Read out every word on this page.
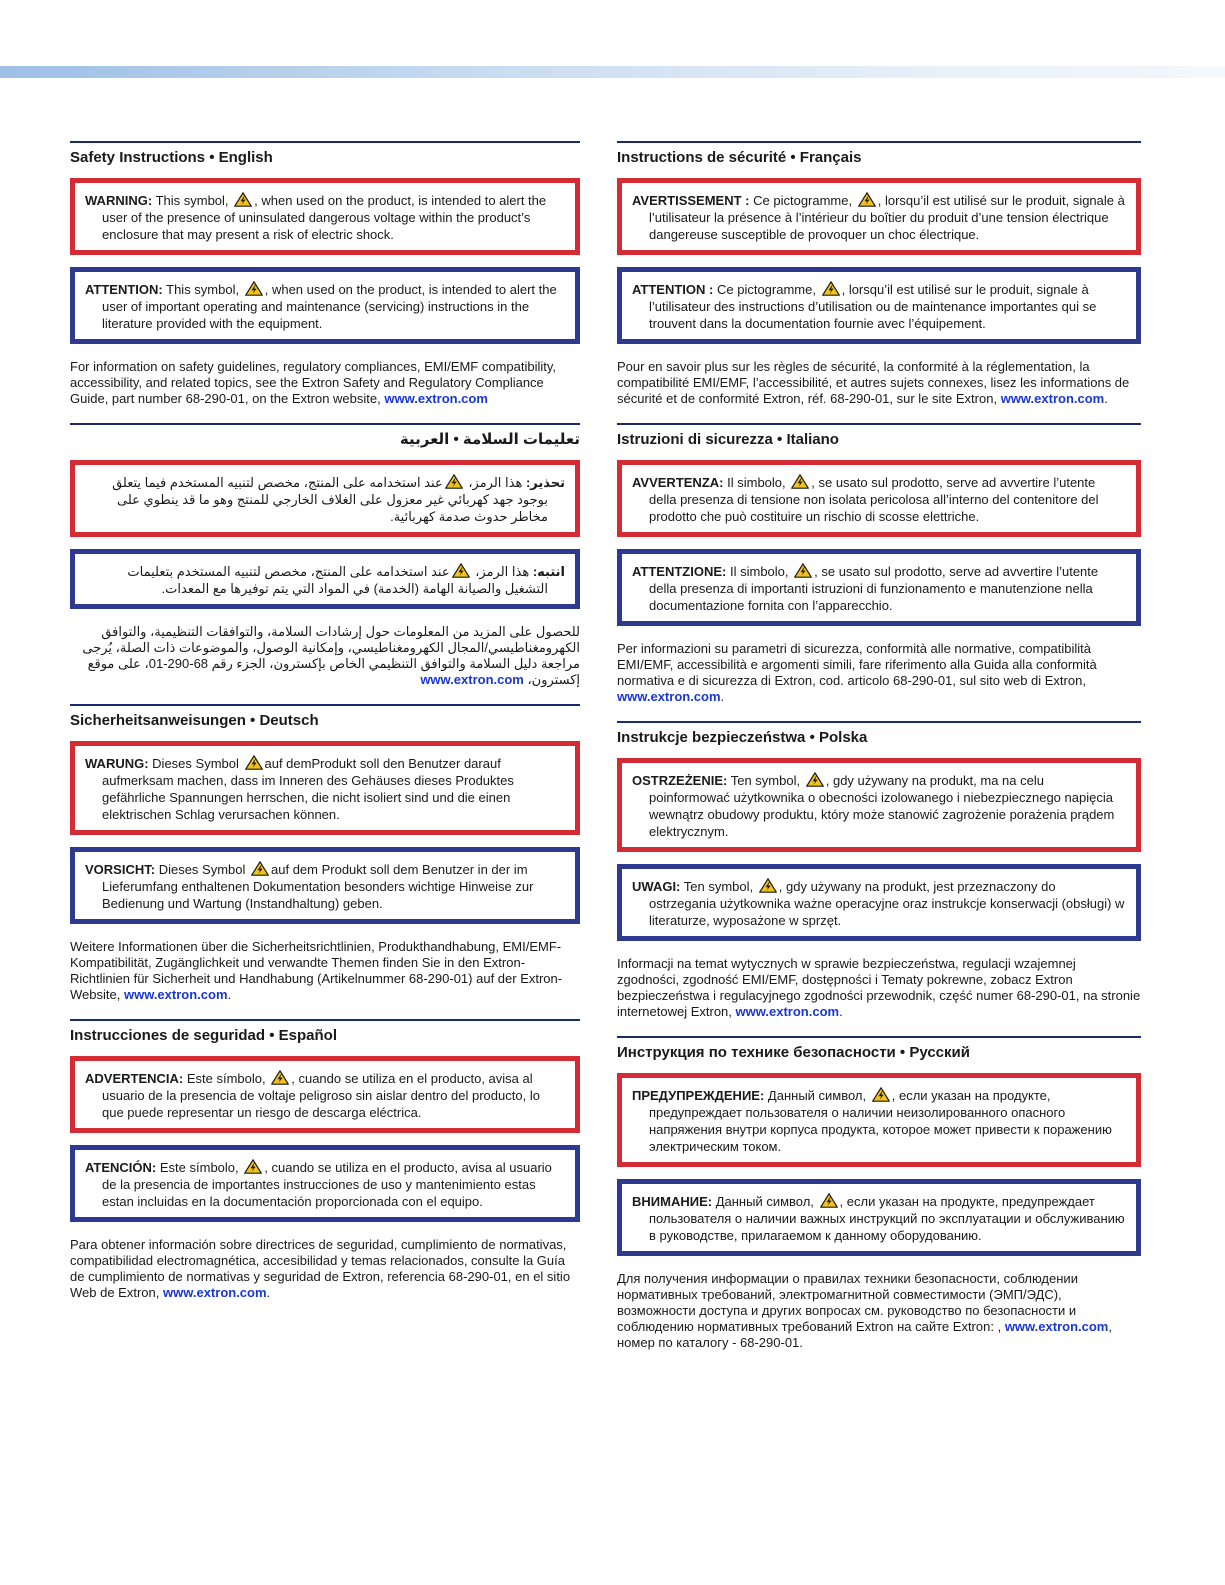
Safety Instructions • English

WARNING: This symbol, , when used on the product, is intended to alert the user of the presence of uninsulated dangerous voltage within the product’s enclosure that may present a risk of electric shock.

ATTENTION: This symbol, , when used on the product, is intended to alert the user of important operating and maintenance (servicing) instructions in the literature provided with the equipment.

For information on safety guidelines, regulatory compliances, EMI/EMF compatibility, accessibility, and related topics, see the Extron Safety and Regulatory Compliance Guide, part number 68-290-01, on the Extron website, www.extron.com
تعليمات السلامة • العربية

تحذير: هذا الرمز، عند استخدامه على المنتج، مخصص لتنبيه المستخدم فيما يتعلق بوجود جهد كهربائي غير معزول على الغلاف الخارجي للمنتج وهو ما قد ينطوي على مخاطر حدوث صدمة كهربائية.

انتبه: هذا الرمز، عند استخدامه على المنتج، مخصص لتنبيه المستخدم بتعليمات التشغيل والصيانة الهامة (الخدمة) في المواد التي يتم توفيرها مع المعدات.

للحصول على المزيد من المعلومات حول إرشادات السلامة، والتوافقات التنظيمية، والتوافق الكهرومغناطيسي/المجال الكهرومغناطيسي، وإمكانية الوصول، والموضوعات ذات الصلة، يُرجى مراجعة دليل السلامة والتوافق التنظيمي الخاص بإكسترون، الجزء رقم 68-290-01، على موقع إكسترون، www.extron.com
Sicherheitsanweisungen • Deutsch

WARUNG: Dieses Symbol auf demProdukt soll den Benutzer darauf aufmerksam machen, dass im Inneren des Gehäuses dieses Produktes gefährliche Spannungen herrschen, die nicht isoliert sind und die einen elektrischen Schlag verursachen können.

VORSICHT: Dieses Symbol auf dem Produkt soll dem Benutzer in der im Lieferumfang enthaltenen Dokumentation besonders wichtige Hinweise zur Bedienung und Wartung (Instandhaltung) geben.

Weitere Informationen über die Sicherheitsrichtlinien, Produkthandhabung, EMI/EMF-Kompatibilität, Zugänglichkeit und verwandte Themen finden Sie in den Extron-Richtlinien für Sicherheit und Handhabung (Artikelnummer 68-290-01) auf der Extron-Website, www.extron.com.
Instrucciones de seguridad • Español

ADVERTENCIA: Este símbolo, , cuando se utiliza en el producto, avisa al usuario de la presencia de voltaje peligroso sin aislar dentro del producto, lo que puede representar un riesgo de descarga eléctrica.

ATENCIÓN: Este símbolo, , cuando se utiliza en el producto, avisa al usuario de la presencia de importantes instrucciones de uso y mantenimiento estas estan incluidas en la documentación proporcionada con el equipo.

Para obtener información sobre directrices de seguridad, cumplimiento de normativas, compatibilidad electromagnética, accesibilidad y temas relacionados, consulte la Guía de cumplimiento de normativas y seguridad de Extron, referencia 68-290-01, en el sitio Web de Extron, www.extron.com.
Instructions de sécurité • Français

AVERTISSEMENT : Ce pictogramme, , lorsqu’il est utilisé sur le produit, signale à l’utilisateur la présence à l’intérieur du boîtier du produit d’une tension électrique dangereuse susceptible de provoquer un choc électrique.

ATTENTION : Ce pictogramme, , lorsqu’il est utilisé sur le produit, signale à l’utilisateur des instructions d’utilisation ou de maintenance importantes qui se trouvent dans la documentation fournie avec l’équipement.

Pour en savoir plus sur les règles de sécurité, la conformité à la réglementation, la compatibilité EMI/EMF, l’accessibilité, et autres sujets connexes, lisez les informations de sécurité et de conformité Extron, réf. 68-290-01, sur le site Extron, www.extron.com.
Istruzioni di sicurezza • Italiano

AVVERTENZA: Il simbolo, , se usato sul prodotto, serve ad avvertire l’utente della presenza di tensione non isolata pericolosa all’interno del contenitore del prodotto che può costituire un rischio di scosse elettriche.

ATTENTZIONE: Il simbolo, , se usato sul prodotto, serve ad avvertire l’utente della presenza di importanti istruzioni di funzionamento e manutenzione nella documentazione fornita con l’apparecchio.

Per informazioni su parametri di sicurezza, conformità alle normative, compatibilità EMI/EMF, accessibilità e argomenti simili, fare riferimento alla Guida alla conformità normativa e di sicurezza di Extron, cod. articolo 68-290-01, sul sito web di Extron, www.extron.com.
Instrukcje bezpieczeństwa • Polska

OSTRZEŻENIE: Ten symbol, , gdy używany na produkt, ma na celu poinformować użytkownika o obecności izolowanego i niebezpiecznego napięcia wewnątrz obudowy produktu, który może stanowić zagrożenie porażenia prądem elektrycznym.

UWAGI: Ten symbol, , gdy używany na produkt, jest przeznaczony do ostrzegania użytkownika ważne operacyjne oraz instrukcje konserwacji (obsługi) w literaturze, wyposażone w sprzęt.

Informacji na temat wytycznych w sprawie bezpieczeństwa, regulacji wzajemnej zgodności, zgodność EMI/EMF, dostępności i Tematy pokrewne, zobacz Extron bezpieczeństwa i regulacyjnego zgodności przewodnik, część numer 68-290-01, na stronie internetowej Extron, www.extron.com.
Инструкция по технике безопасности • Русский

ПРЕДУПРЕЖДЕНИЕ: Данный символ, , если указан на продукте, предупреждает пользователя о наличии неизолированного опасного напряжения внутри корпуса продукта, которое может привести к поражению электрическим током.

ВНИМАНИЕ: Данный символ, , если указан на продукте, предупреждает пользователя о наличии важных инструкций по эксплуатации и обслуживанию в руководстве, прилагаемом к данному оборудованию.

Для получения информации о правилах техники безопасности, соблюдении нормативных требований, электромагнитной совместимости (ЭМП/ЭДС), возможности доступа и других вопросах см. руководство по безопасности и соблюдению нормативных требований Extron на сайте Extron: , www.extron.com, номер по каталогу - 68-290-01.
